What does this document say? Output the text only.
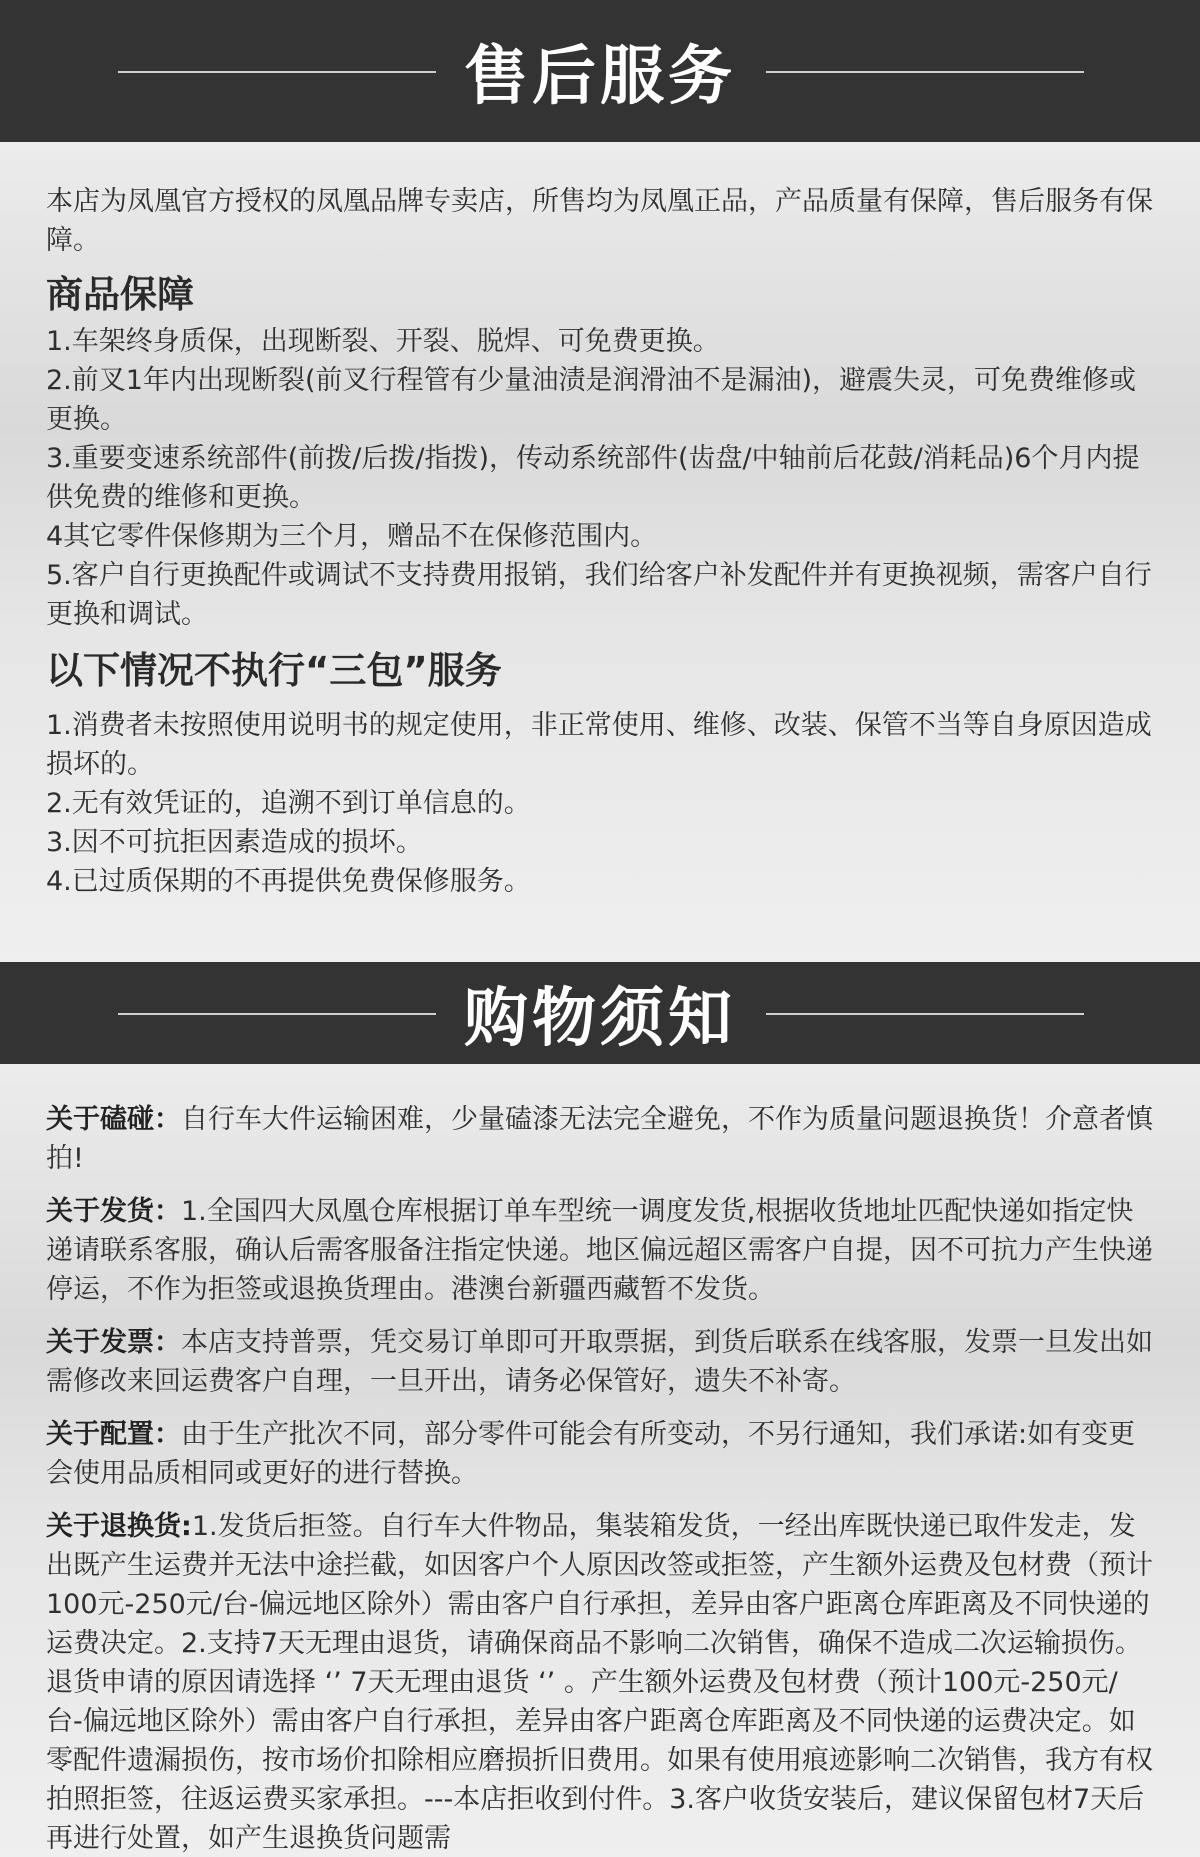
售后服务

本店为凤凰官方授权的凤凰品牌专卖店，所售均为凤凰正品，产品质量有保障，售后服务有保障。

商品保障

1.车架终身质保，出现断裂、开裂、脱焊、可免费更换。

2.前叉1年内出现断裂(前叉行程管有少量油渍是润滑油不是漏油)，避震失灵，可免费维修或更换。

3.重要变速系统部件(前拨/后拨/指拨)，传动系统部件(齿盘/中轴前后花鼓/消耗品)6个月内提供免费的维修和更换。

4其它零件保修期为三个月，赠品不在保修范围内。

5.客户自行更换配件或调试不支持费用报销，我们给客户补发配件并有更换视频，需客户自行更换和调试。

以下情况不执行“三包”服务

1.消费者未按照使用说明书的规定使用，非正常使用、维修、改装、保管不当等自身原因造成损坏的。

2.无有效凭证的，追溯不到订单信息的。

3.因不可抗拒因素造成的损坏。

4.已过质保期的不再提供免费保修服务。

购物须知

关于磕碰：自行车大件运输困难，少量磕漆无法完全避免，不作为质量问题退换货！介意者慎拍!

关于发货：1.全国四大凤凰仓库根据订单车型统一调度发货,根据收货地址匹配快递如指定快递请联系客服，确认后需客服备注指定快递。地区偏远超区需客户自提，因不可抗力产生快递停运，不作为拒签或退换货理由。港澳台新疆西藏暂不发货。

关于发票：本店支持普票，凭交易订单即可开取票据，到货后联系在线客服，发票一旦发出如需修改来回运费客户自理，一旦开出，请务必保管好，遗失不补寄。

关于配置：由于生产批次不同，部分零件可能会有所变动，不另行通知，我们承诺:如有变更会使用品质相同或更好的进行替换。

关于退换货:1.发货后拒签。自行车大件物品，集装箱发货，一经出库既快递已取件发走，发出既产生运费并无法中途拦截，如因客户个人原因改签或拒签，产生额外运费及包材费（预计100元-250元/台-偏远地区除外）需由客户自行承担，差异由客户距离仓库距离及不同快递的运费决定。2.支持7天无理由退货，请确保商品不影响二次销售，确保不造成二次运输损伤。退货申请的原因请选择 ‘’ 7天无理由退货 ‘’ 。产生额外运费及包材费（预计100元-250元/台-偏远地区除外）需由客户自行承担，差异由客户距离仓库距离及不同快递的运费决定。如零配件遗漏损伤，按市场价扣除相应磨损折旧费用。如果有使用痕迹影响二次销售，我方有权拍照拒签，往返运费买家承担。---本店拒收到付件。3.客户收货安装后，建议保留包材7天后再进行处置，如产生退换货问题需
